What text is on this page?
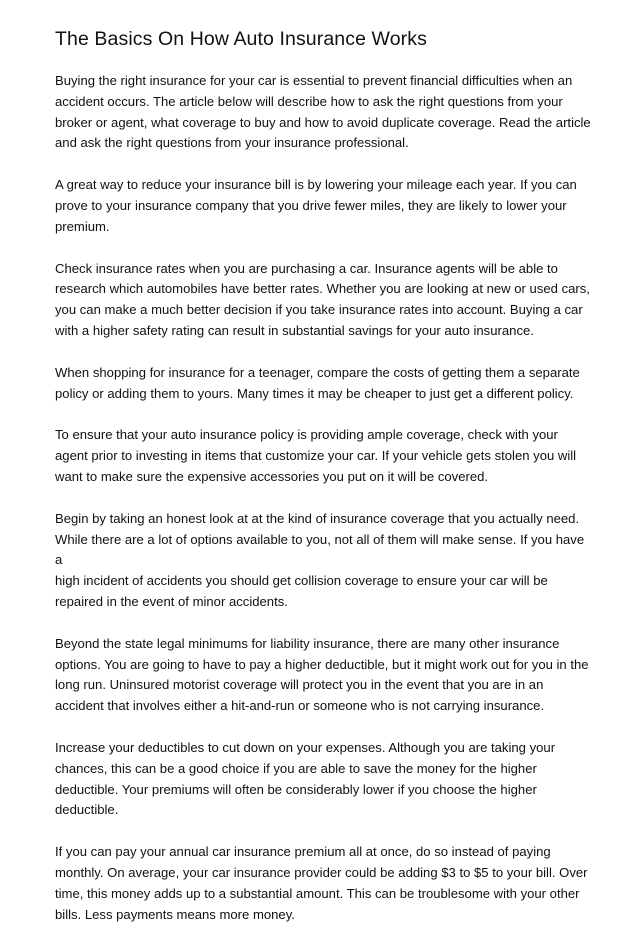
The Basics On How Auto Insurance Works

Buying the right insurance for your car is essential to prevent financial difficulties when an
accident occurs. The article below will describe how to ask the right questions from your
broker or agent, what coverage to buy and how to avoid duplicate coverage. Read the article
and ask the right questions from your insurance professional.

A great way to reduce your insurance bill is by lowering your mileage each year. If you can
prove to your insurance company that you drive fewer miles, they are likely to lower your
premium.

Check insurance rates when you are purchasing a car. Insurance agents will be able to
research which automobiles have better rates. Whether you are looking at new or used cars,
you can make a much better decision if you take insurance rates into account. Buying a car
with a higher safety rating can result in substantial savings for your auto insurance.

When shopping for insurance for a teenager, compare the costs of getting them a separate
policy or adding them to yours. Many times it may be cheaper to just get a different policy.

To ensure that your auto insurance policy is providing ample coverage, check with your
agent prior to investing in items that customize your car. If your vehicle gets stolen you will
want to make sure the expensive accessories you put on it will be covered.

Begin by taking an honest look at at the kind of insurance coverage that you actually need.
While there are a lot of options available to you, not all of them will make sense. If you have a
high incident of accidents you should get collision coverage to ensure your car will be
repaired in the event of minor accidents.

Beyond the state legal minimums for liability insurance, there are many other insurance
options. You are going to have to pay a higher deductible, but it might work out for you in the
long run. Uninsured motorist coverage will protect you in the event that you are in an
accident that involves either a hit-and-run or someone who is not carrying insurance.

Increase your deductibles to cut down on your expenses. Although you are taking your
chances, this can be a good choice if you are able to save the money for the higher
deductible. Your premiums will often be considerably lower if you choose the higher
deductible.

If you can pay your annual car insurance premium all at once, do so instead of paying
monthly. On average, your car insurance provider could be adding $3 to $5 to your bill. Over
time, this money adds up to a substantial amount. This can be troublesome with your other
bills. Less payments means more money.
